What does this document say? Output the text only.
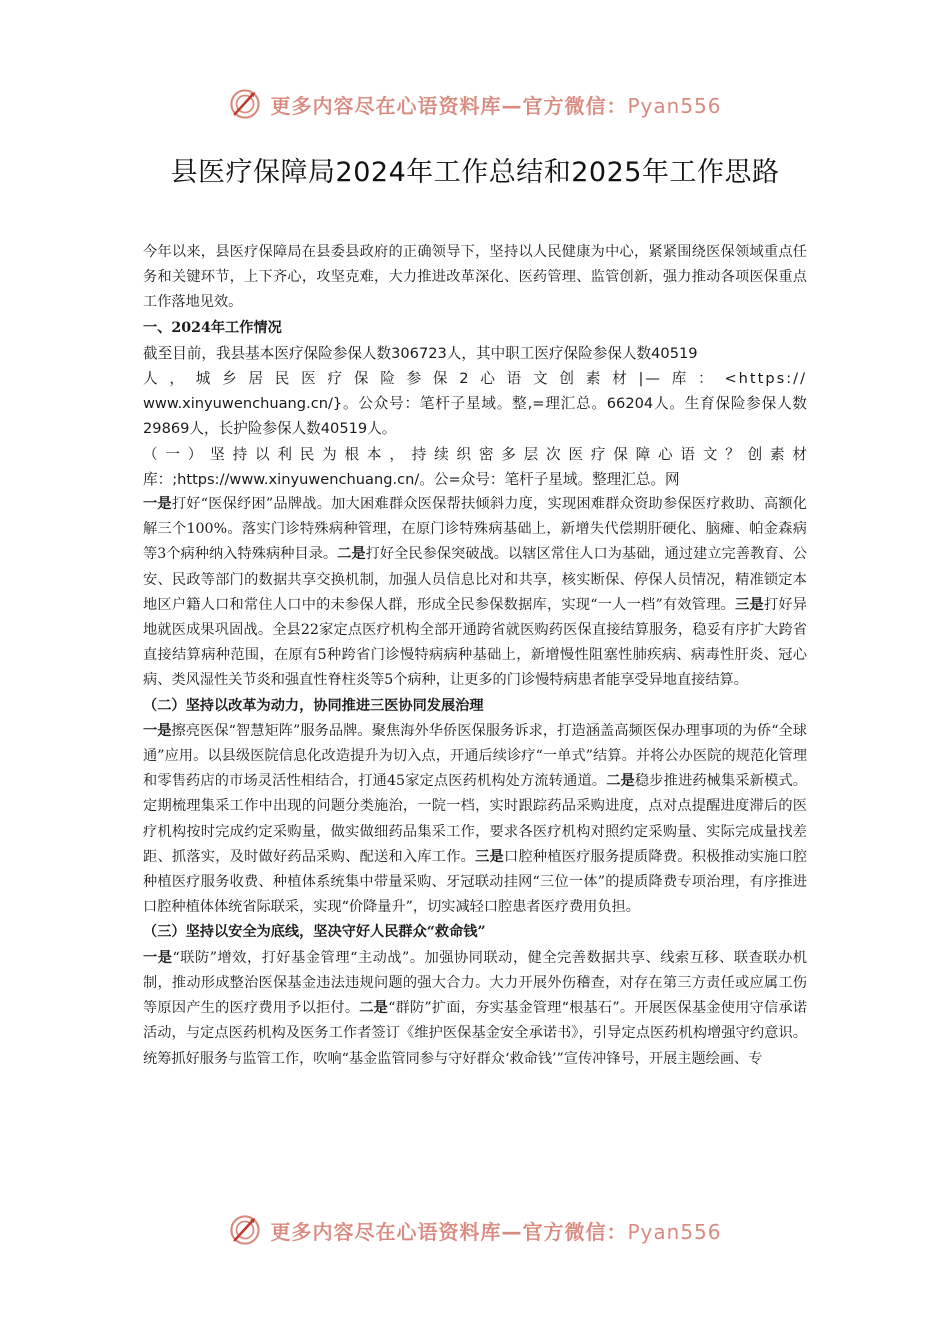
更多内容尽在心语资料库—官方微信：Pyan556
县医疗保障局2024年工作总结和2025年工作思路

今年以来，县医疗保障局在县委县政府的正确领导下，坚持以人民健康为中心，紧紧围绕医保领域重点任务和关键环节，上下齐心，攻坚克难，大力推进改革深化、医药管理、监管创新，强力推动各项医保重点工作落地见效。

一、2024年工作情况

截至目前，我县基本医疗保险参保人数306723人，其中职工医疗保险参保人数40519

人，城乡居民医疗保险参保2心语文创素材|—库：<https://

www.xinyuwenchuang.cn/}。公众号：笔杆子星域。整,=理汇总。66204人。生育保险参保人数29869人，长护险参保人数40519人。

（一）坚持以利民为根本，持续织密多层次医疗保障心语文？创素材库：;https://www.xinyuwenchuang.cn/。公=众号：笔杆子星域。整理汇总。网

一是打好“医保纾困”品牌战。加大困难群众医保帮扶倾斜力度，实现困难群众资助参保医疗救助、高额化解三个100%。落实门诊特殊病种管理，在原门诊特殊病基础上，新增失代偿期肝硬化、脑瘫、帕金森病等3个病种纳入特殊病种目录。二是打好全民参保突破战。以辖区常住人口为基础，通过建立完善教育、公安、民政等部门的数据共享交换机制，加强人员信息比对和共享，核实断保、停保人员情况，精准锁定本地区户籍人口和常住人口中的未参保人群，形成全民参保数据库，实现“一人一档”有效管理。三是打好异地就医成果巩固战。全县22家定点医疗机构全部开通跨省就医购药医保直接结算服务，稳妥有序扩大跨省直接结算病种范围，在原有5种跨省门诊慢特病病种基础上，新增慢性阻塞性肺疾病、病毒性肝炎、冠心病、类风湿性关节炎和强直性脊柱炎等5个病种，让更多的门诊慢特病患者能享受异地直接结算。

（二）坚持以改革为动力，协同推进三医协同发展治理

一是擦亮医保“智慧矩阵”服务品牌。聚焦海外华侨医保服务诉求，打造涵盖高频医保办理事项的为侨“全球通”应用。以县级医院信息化改造提升为切入点，开通后续诊疗“一单式”结算。并将公办医院的规范化管理和零售药店的市场灵活性相结合，打通45家定点医药机构处方流转通道。二是稳步推进药械集采新模式。定期梳理集采工作中出现的问题分类施治，一院一档，实时跟踪药品采购进度，点对点提醒进度滞后的医疗机构按时完成约定采购量，做实做细药品集采工作，要求各医疗机构对照约定采购量、实际完成量找差距、抓落实，及时做好药品采购、配送和入库工作。三是口腔种植医疗服务提质降费。积极推动实施口腔种植医疗服务收费、种植体系统集中带量采购、牙冠联动挂网“三位一体”的提质降费专项治理，有序推进口腔种植体体统省际联采，实现“价降量升”，切实减轻口腔患者医疗费用负担。

（三）坚持以安全为底线，坚决守好人民群众“救命钱”

一是“联防”增效，打好基金管理“主动战”。加强协同联动，健全完善数据共享、线索互移、联查联办机制，推动形成整治医保基金违法违规问题的强大合力。大力开展外伤稽查，对存在第三方责任或应属工伤等原因产生的医疗费用予以拒付。二是“群防”扩面，夯实基金管理“根基石”。开展医保基金使用守信承诺活动，与定点医药机构及医务工作者签订《维护医保基金安全承诺书》，引导定点医药机构增强守约意识。统筹抓好服务与监管工作，吹响“基金监管同参与守好群众‘救命钱’”宣传冲锋号，开展主题绘画、专

更多内容尽在心语资料库—官方微信：Pyan556
